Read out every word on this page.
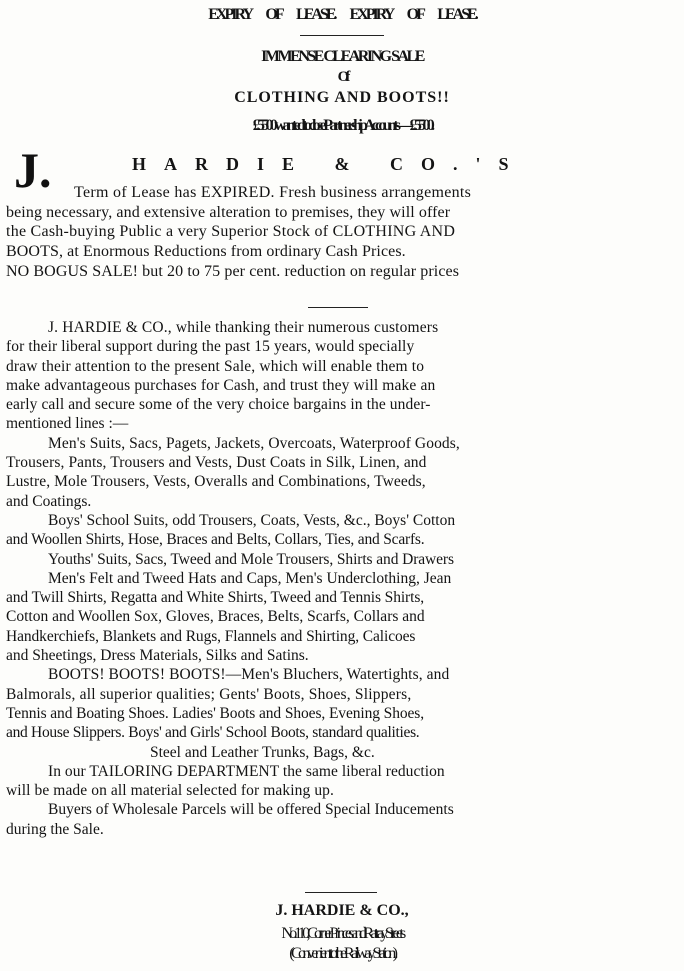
EXPIRY OF LEASE. EXPIRY OF LEASE.
IMMENSE CLEARING SALE
Of
CLOTHING AND BOOTS!!
£5500 wanted to close Partnership Accounts—£5500.
J.	HARDIE & CO.'S
Term of Lease has EXPIRED. Fresh business arrangements
being necessary, and extensive alteration to premises, they will offer
the Cash-buying Public a very Superior Stock of CLOTHING AND
BOOTS, at Enormous Reductions from ordinary Cash Prices.
NO BOGUS SALE! but 20 to 75 per cent. reduction on regular prices
J. HARDIE & CO., while thanking their numerous customers
for their liberal support during the past 15 years, would specially
draw their attention to the present Sale, which will enable them to
make advantageous purchases for Cash, and trust they will make an
early call and secure some of the very choice bargains in the under-
mentioned lines :—
Men's Suits, Sacs, Pagets, Jackets, Overcoats, Waterproof Goods,
Trousers, Pants, Trousers and Vests, Dust Coats in Silk, Linen, and
Lustre, Mole Trousers, Vests, Overalls and Combinations, Tweeds,
and Coatings.
Boys' School Suits, odd Trousers, Coats, Vests, &c., Boys' Cotton
and Woollen Shirts, Hose, Braces and Belts, Collars, Ties, and Scarfs.
Youths' Suits, Sacs, Tweed and Mole Trousers, Shirts and Drawers
Men's Felt and Tweed Hats and Caps, Men's Underclothing, Jean
and Twill Shirts, Regatta and White Shirts, Tweed and Tennis Shirts,
Cotton and Woollen Sox, Gloves, Braces, Belts, Scarfs, Collars and
Handkerchiefs, Blankets and Rugs, Flannels and Shirting, Calicoes
and Sheetings, Dress Materials, Silks and Satins.
BOOTS! BOOTS! BOOTS!—Men's Bluchers, Watertights, and
Balmorals, all superior qualities; Gents' Boots, Shoes, Slippers,
Tennis and Boating Shoes. Ladies' Boots and Shoes, Evening Shoes,
and House Slippers. Boys' and Girls' School Boots, standard qualities.
Steel and Leather Trunks, Bags, &c.
In our TAILORING DEPARTMENT the same liberal reduction
will be made on all material selected for making up.
Buyers of Wholesale Parcels will be offered Special Inducements
during the Sale.
J. HARDIE & CO.,
No. 110, Corner Princes and Rattray Streets
(Convenient to the Railway Station).
